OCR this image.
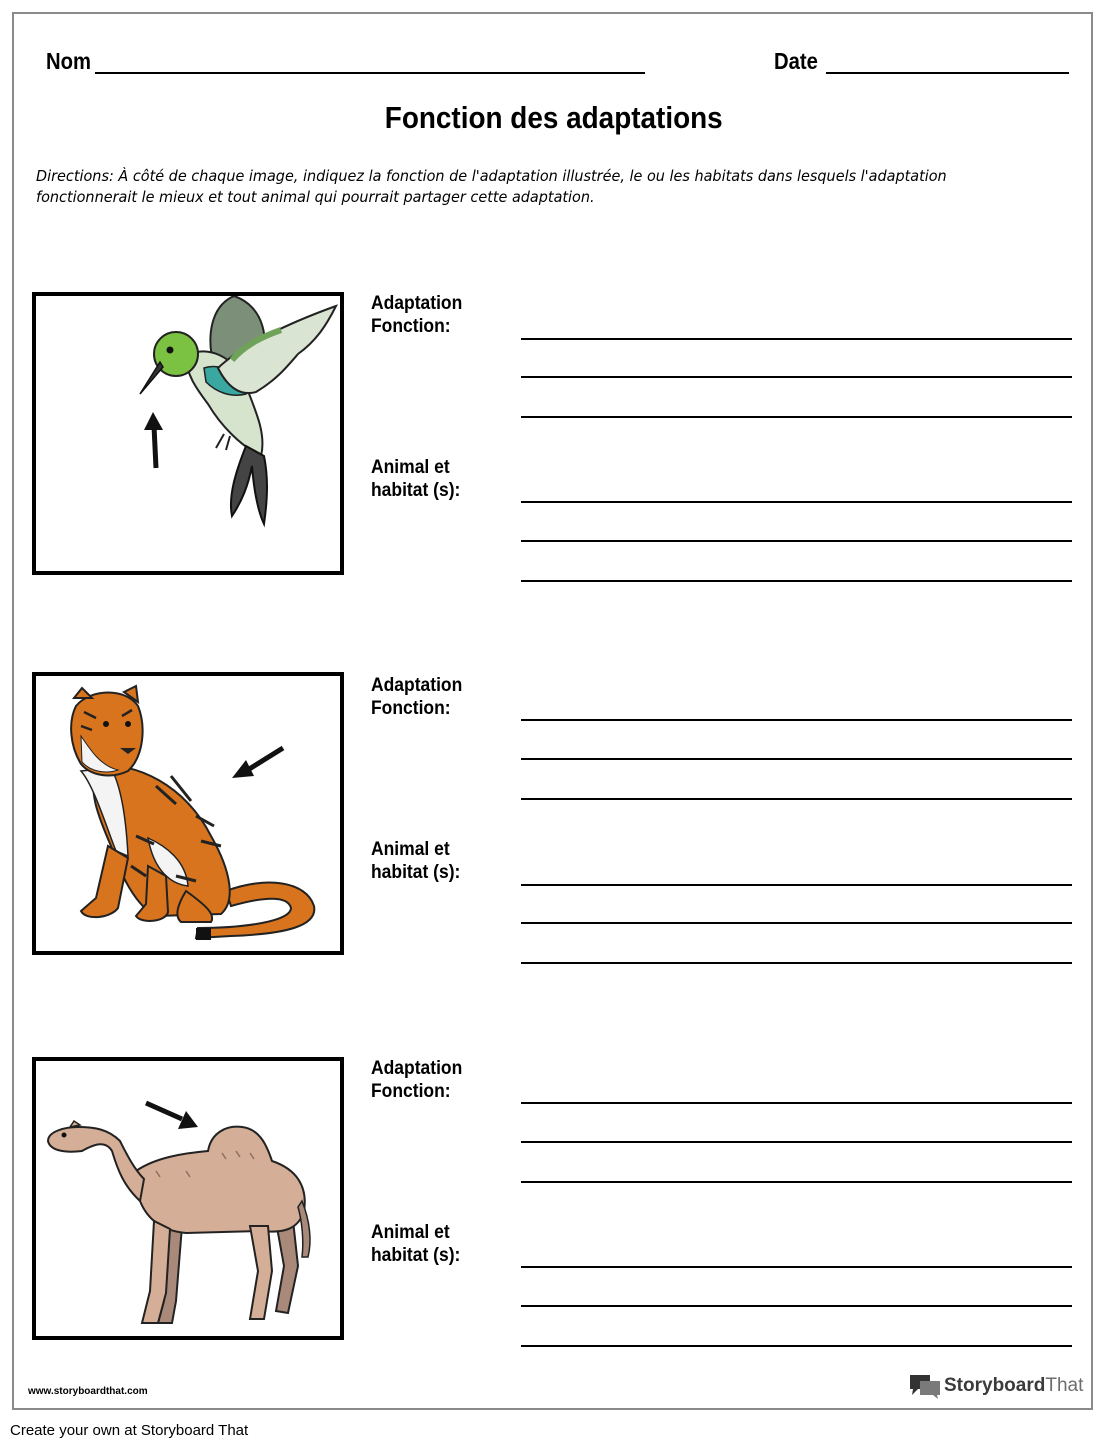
Nom	Date
Fonction des adaptations
Directions: À côté de chaque image, indiquez la fonction de l'adaptation illustrée, le ou les habitats dans lesquels l'adaptation fonctionnerait le mieux et tout animal qui pourrait partager cette adaptation.
Adaptation
Fonction:
Animal et
habitat (s):
Adaptation
Fonction:
Animal et
habitat (s):
Adaptation
Fonction:
Animal et
habitat (s):
www.storyboardthat.com	StoryboardThat
Create your own at Storyboard That
